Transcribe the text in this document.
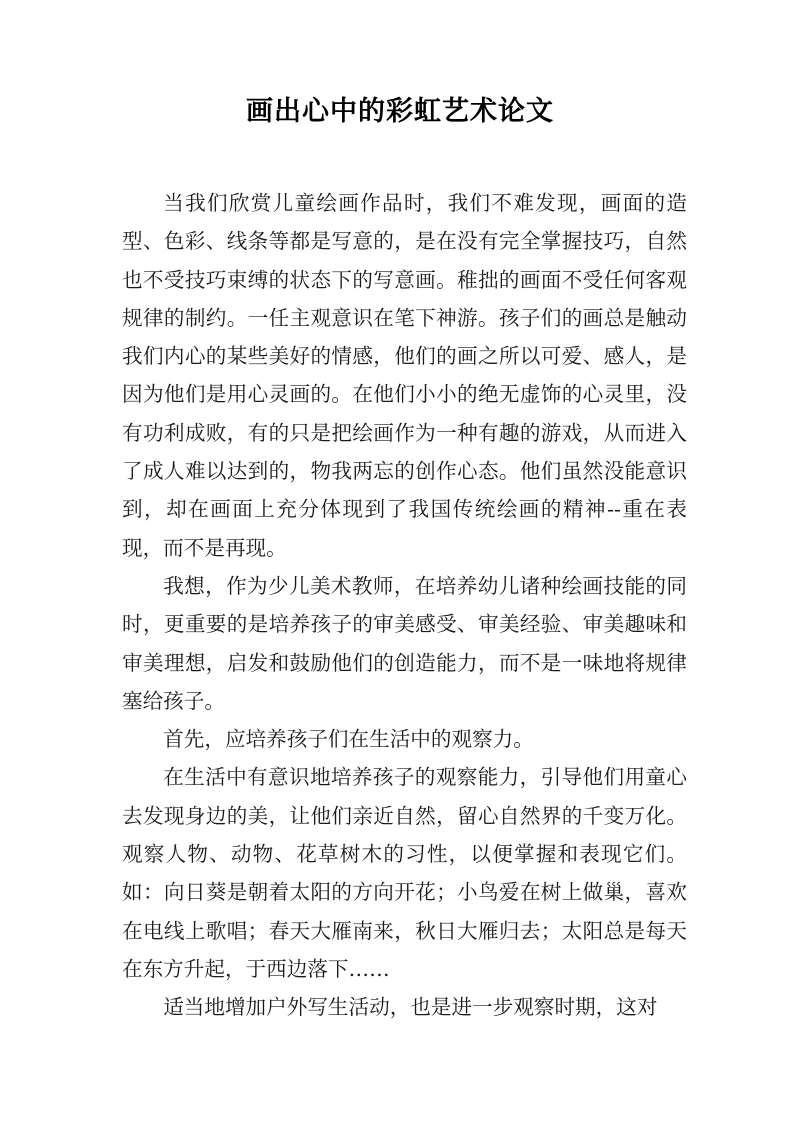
画出心中的彩虹艺术论文

当我们欣赏儿童绘画作品时，我们不难发现，画面的造型、色彩、线条等都是写意的，是在没有完全掌握技巧，自然也不受技巧束缚的状态下的写意画。稚拙的画面不受任何客观规律的制约。一任主观意识在笔下神游。孩子们的画总是触动我们内心的某些美好的情感，他们的画之所以可爱、感人，是因为他们是用心灵画的。在他们小小的绝无虚饰的心灵里，没有功利成败，有的只是把绘画作为一种有趣的游戏，从而进入了成人难以达到的，物我两忘的创作心态。他们虽然没能意识到，却在画面上充分体现到了我国传统绘画的精神--重在表现，而不是再现。

我想，作为少儿美术教师，在培养幼儿诸种绘画技能的同时，更重要的是培养孩子的审美感受、审美经验、审美趣味和审美理想，启发和鼓励他们的创造能力，而不是一味地将规律塞给孩子。

首先，应培养孩子们在生活中的观察力。

在生活中有意识地培养孩子的观察能力，引导他们用童心去发现身边的美，让他们亲近自然，留心自然界的千变万化。观察人物、动物、花草树木的习性，以便掌握和表现它们。如：向日葵是朝着太阳的方向开花；小鸟爱在树上做巢，喜欢在电线上歌唱；春天大雁南来，秋日大雁归去；太阳总是每天在东方升起，于西边落下……

适当地增加户外写生活动，也是进一步观察时期，这对
